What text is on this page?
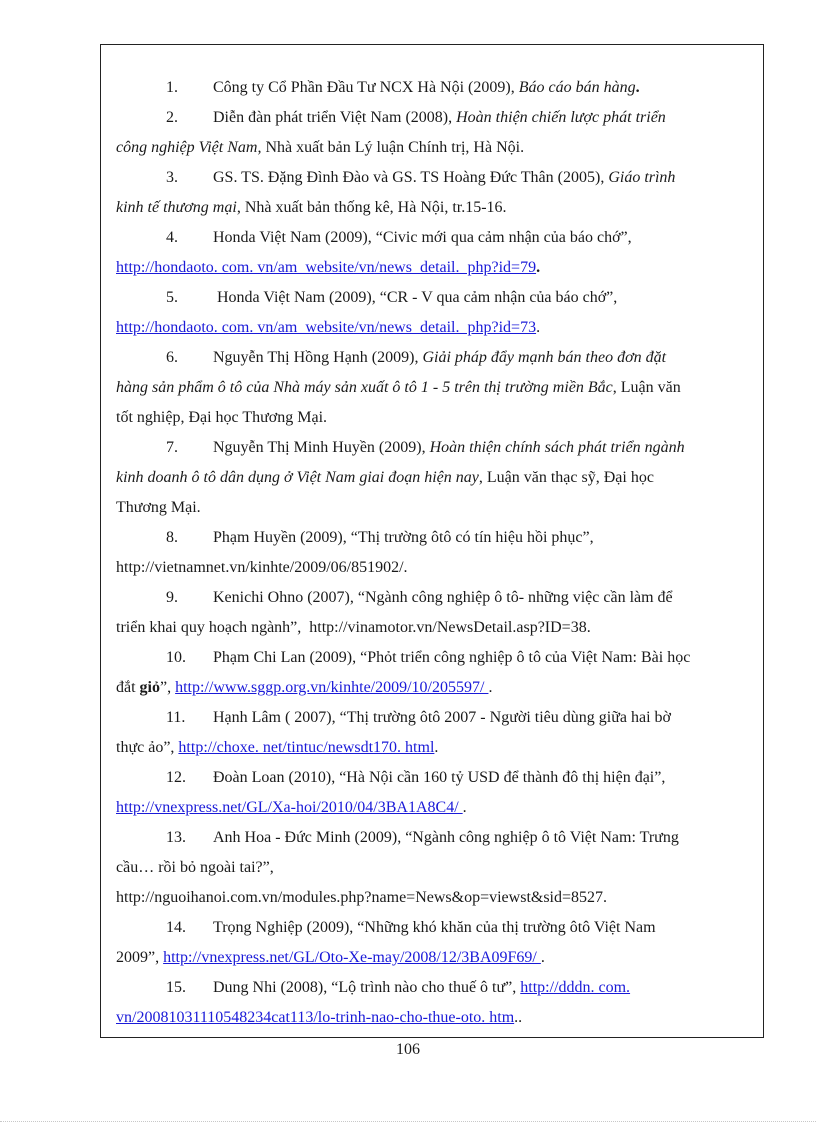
1. Công ty Cổ Phần Đầu Tư NCX Hà Nội (2009), Báo cáo bán hàng.
2. Diễn đàn phát triển Việt Nam (2008), Hoàn thiện chiến lược phát triển
công nghiệp Việt Nam, Nhà xuất bản Lý luận Chính trị, Hà Nội.
3. GS. TS. Đặng Đình Đào và GS. TS Hoàng Đức Thân (2005), Giáo trình
kinh tế thương mại, Nhà xuất bản thống kê, Hà Nội, tr.15-16.
4. Honda Việt Nam (2009), “Civic mới qua cảm nhận của báo chớ”,
http://hondaoto. com. vn/am_website/vn/news_detail.  php?id=79.
5. Honda Việt Nam (2009), “CR - V qua cảm nhận của báo chớ”,
http://hondaoto. com. vn/am_website/vn/news_detail.  php?id=73.
6. Nguyễn Thị Hồng Hạnh (2009), Giải pháp đẩy mạnh bán theo đơn đặt
hàng sản phẩm ô tô của Nhà máy sản xuất ô tô 1 - 5 trên thị trường miền Bắc, Luận văn
tốt nghiệp, Đại học Thương Mại.
7. Nguyễn Thị Minh Huyền (2009), Hoàn thiện chính sách phát triển ngành
kinh doanh ô tô dân dụng ở Việt Nam giai đoạn hiện nay, Luận văn thạc sỹ, Đại học
Thương Mại.
8. Phạm Huyền (2009), “Thị trường ôtô có tín hiệu hồi phục”,
http://vietnamnet.vn/kinhte/2009/06/851902/.
9. Kenichi Ohno (2007), “Ngành công nghiệp ô tô- những việc cần làm để
triển khai quy hoạch ngành”,  http://vinamotor.vn/NewsDetail.asp?ID=38.
10. Phạm Chi Lan (2009), “Phỏt triển công nghiệp ô tô của Việt Nam: Bài học
đắt giỏ”, http://www.sggp.org.vn/kinhte/2009/10/205597/ .
11. Hạnh Lâm ( 2007), “Thị trường ôtô 2007 - Người tiêu dùng giữa hai bờ
thực ảo”, http://choxe. net/tintuc/newsdt170. html.
12. Đoàn Loan (2010), “Hà Nội cần 160 tỷ USD để thành đô thị hiện đại”,
http://vnexpress.net/GL/Xa-hoi/2010/04/3BA1A8C4/ .
13. Anh Hoa - Đức Minh (2009), “Ngành công nghiệp ô tô Việt Nam: Trưng
cầu… rồi bỏ ngoài tai?”,
http://nguoihanoi.com.vn/modules.php?name=News&op=viewst&sid=8527.
14. Trọng Nghiệp (2009), “Những khó khăn của thị trường ôtô Việt Nam
2009”, http://vnexpress.net/GL/Oto-Xe-may/2008/12/3BA09F69/ .
15. Dung Nhi (2008), “Lộ trình nào cho thuế ô tư”, http://dddn. com.
vn/20081031110548234cat113/lo-trinh-nao-cho-thue-oto. htm..
106
